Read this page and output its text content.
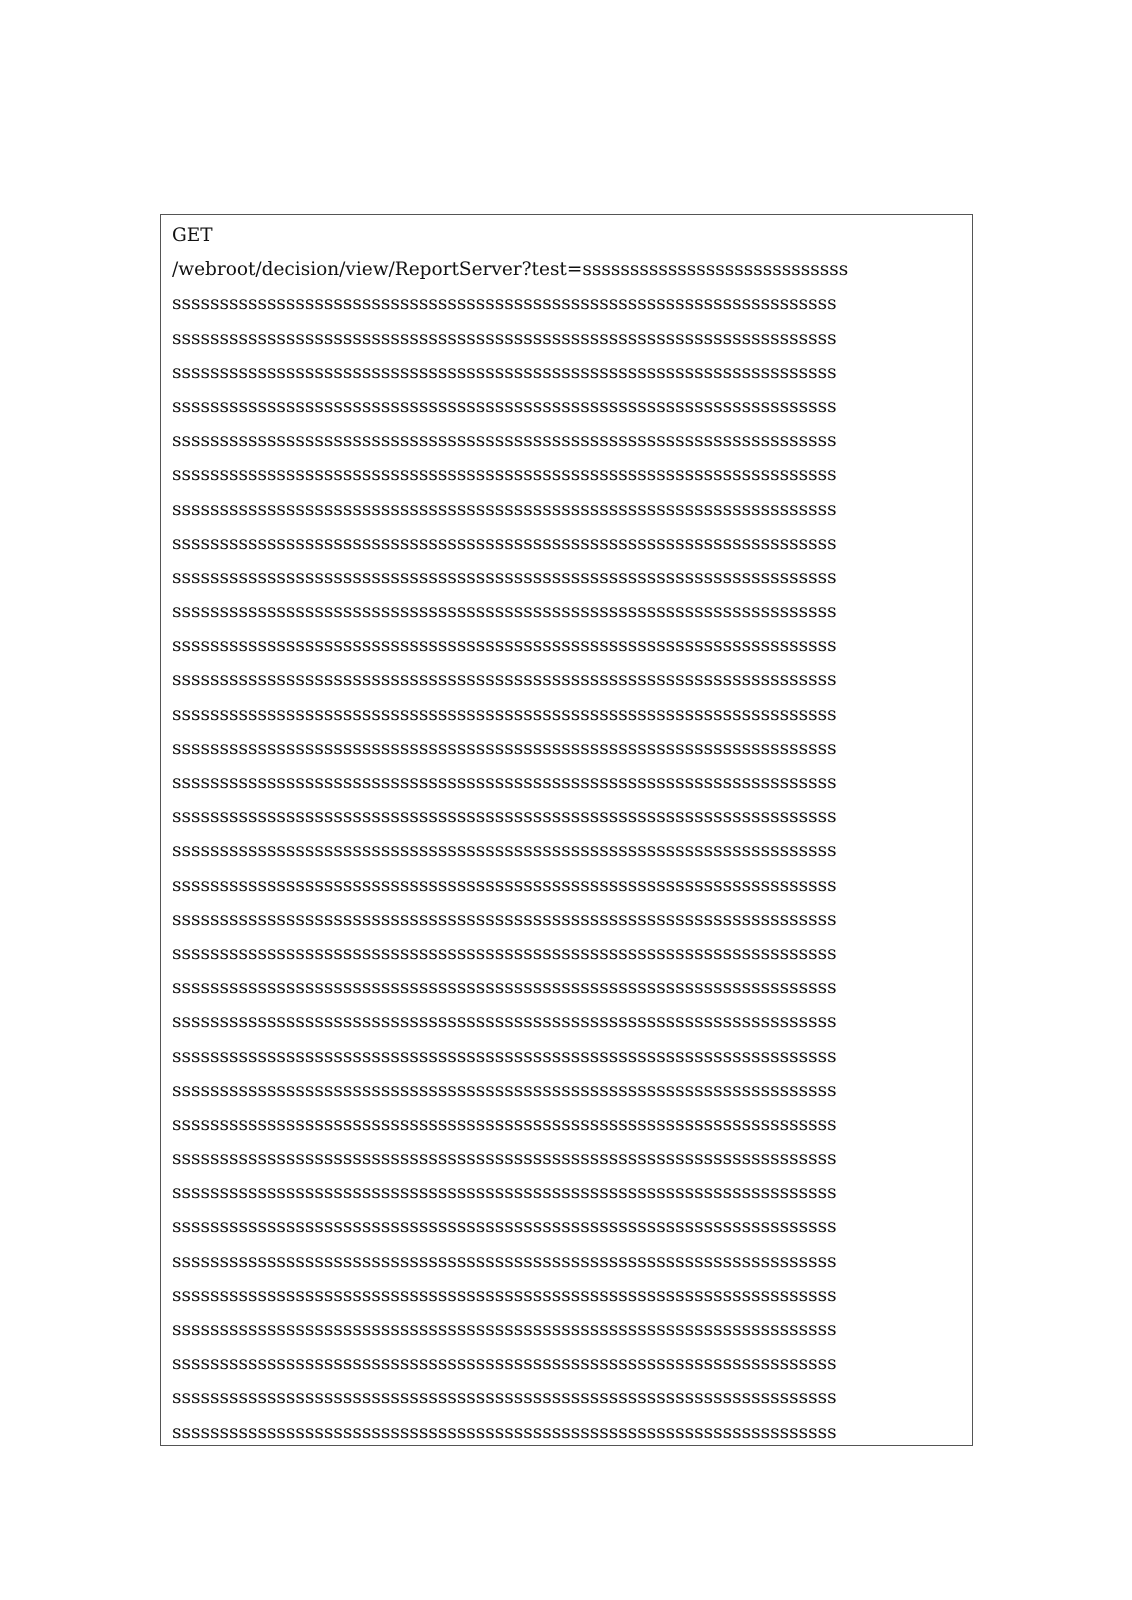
GET
/webroot/decision/view/ReportServer?test=ssssssssssssssssssssssssssss
ssssssssssssssssssssssssssssssssssssssssssssssssssssssssssssssssssssss
ssssssssssssssssssssssssssssssssssssssssssssssssssssssssssssssssssssss
ssssssssssssssssssssssssssssssssssssssssssssssssssssssssssssssssssssss
ssssssssssssssssssssssssssssssssssssssssssssssssssssssssssssssssssssss
ssssssssssssssssssssssssssssssssssssssssssssssssssssssssssssssssssssss
ssssssssssssssssssssssssssssssssssssssssssssssssssssssssssssssssssssss
ssssssssssssssssssssssssssssssssssssssssssssssssssssssssssssssssssssss
ssssssssssssssssssssssssssssssssssssssssssssssssssssssssssssssssssssss
ssssssssssssssssssssssssssssssssssssssssssssssssssssssssssssssssssssss
ssssssssssssssssssssssssssssssssssssssssssssssssssssssssssssssssssssss
ssssssssssssssssssssssssssssssssssssssssssssssssssssssssssssssssssssss
ssssssssssssssssssssssssssssssssssssssssssssssssssssssssssssssssssssss
ssssssssssssssssssssssssssssssssssssssssssssssssssssssssssssssssssssss
ssssssssssssssssssssssssssssssssssssssssssssssssssssssssssssssssssssss
ssssssssssssssssssssssssssssssssssssssssssssssssssssssssssssssssssssss
ssssssssssssssssssssssssssssssssssssssssssssssssssssssssssssssssssssss
ssssssssssssssssssssssssssssssssssssssssssssssssssssssssssssssssssssss
ssssssssssssssssssssssssssssssssssssssssssssssssssssssssssssssssssssss
ssssssssssssssssssssssssssssssssssssssssssssssssssssssssssssssssssssss
ssssssssssssssssssssssssssssssssssssssssssssssssssssssssssssssssssssss
ssssssssssssssssssssssssssssssssssssssssssssssssssssssssssssssssssssss
ssssssssssssssssssssssssssssssssssssssssssssssssssssssssssssssssssssss
ssssssssssssssssssssssssssssssssssssssssssssssssssssssssssssssssssssss
ssssssssssssssssssssssssssssssssssssssssssssssssssssssssssssssssssssss
ssssssssssssssssssssssssssssssssssssssssssssssssssssssssssssssssssssss
ssssssssssssssssssssssssssssssssssssssssssssssssssssssssssssssssssssss
ssssssssssssssssssssssssssssssssssssssssssssssssssssssssssssssssssssss
ssssssssssssssssssssssssssssssssssssssssssssssssssssssssssssssssssssss
ssssssssssssssssssssssssssssssssssssssssssssssssssssssssssssssssssssss
ssssssssssssssssssssssssssssssssssssssssssssssssssssssssssssssssssssss
ssssssssssssssssssssssssssssssssssssssssssssssssssssssssssssssssssssss
ssssssssssssssssssssssssssssssssssssssssssssssssssssssssssssssssssssss
ssssssssssssssssssssssssssssssssssssssssssssssssssssssssssssssssssssss
ssssssssssssssssssssssssssssssssssssssssssssssssssssssssssssssssssssss
